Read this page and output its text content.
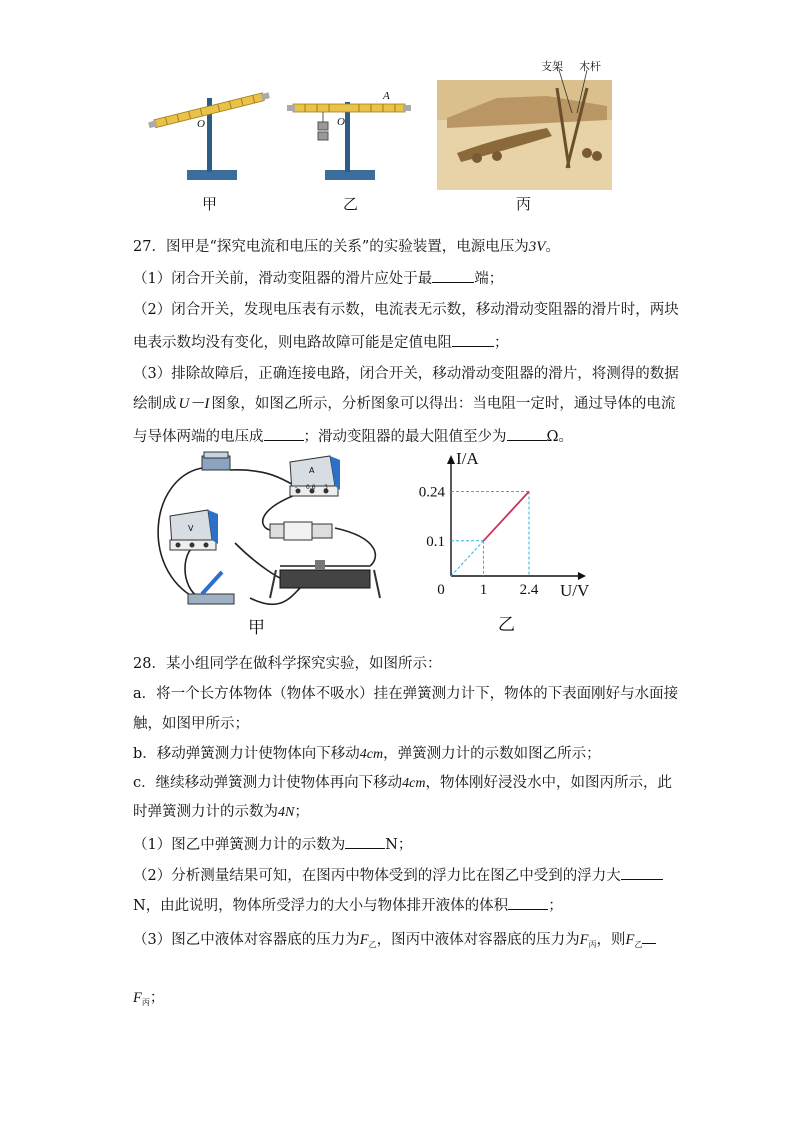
O	O
A
支架 木杆
甲	乙	丙
27．图甲是“探究电流和电压的关系”的实验装置，电源电压为3V。
（1）闭合开关前，滑动变阻器的滑片应处于最	端；
（2）闭合开关，发现电压表有示数，电流表无示数，移动滑动变阻器的滑片时，两块
电表示数均没有变化，则电路故障可能是定值电阻	；
（3）排除故障后，正确连接电路，闭合开关，移动滑动变阻器的滑片，将测得的数据
绘制成 U－I 图象，如图乙所示，分析图象可以得出：当电阻一定时，通过导体的电流
与导体两端的电压成	；滑动变阻器的最大阻值至少为	Ω。
A
V
- 0.6 3
甲
0 1 2.4
0.1
0.24
I/A
U/V
乙
28．某小组同学在做科学探究实验，如图所示：
a．将一个长方体物体（物体不吸水）挂在弹簧测力计下，物体的下表面刚好与水面接
触，如图甲所示；
b．移动弹簧测力计使物体向下移动4cm，弹簧测力计的示数如图乙所示；
c．继续移动弹簧测力计使物体再向下移动4cm，物体刚好浸没水中，如图丙所示，此
时弹簧测力计的示数为4N；
（1）图乙中弹簧测力计的示数为	N；
（2）分析测量结果可知，在图丙中物体受到的浮力比在图乙中受到的浮力大
N，由此说明，物体所受浮力的大小与物体排开液体的体积	；
（3）图乙中液体对容器底的压力为$F_乙$，图丙中液体对容器底的压力为$F_丙$，则$F_乙$
$F_丙$；
